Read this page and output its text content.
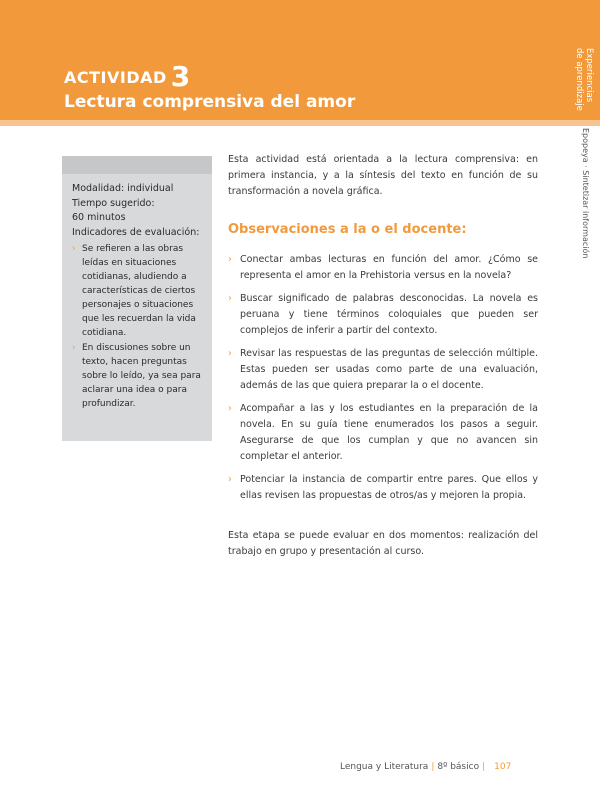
ACTIVIDAD 3
Lectura comprensiva del amor	Experiencias
de aprendizaje
Epopeya · Sintetizar información

Modalidad: individual

Tiempo sugerido:

60 minutos

Indicadores de evaluación:

› Se refieren a las obras leídas en situaciones cotidianas, aludiendo a características de ciertos personajes o situaciones que les recuerdan la vida cotidiana.
› En discusiones sobre un texto, hacen preguntas sobre lo leído, ya sea para aclarar una idea o para profundizar.

Esta actividad está orientada a la lectura comprensiva: en primera instancia, y a la síntesis del texto en función de su transformación a novela gráfica.

Observaciones a la o el docente:
› Conectar ambas lecturas en función del amor. ¿Cómo se representa el amor en la Prehistoria versus en la novela?
› Buscar significado de palabras desconocidas. La novela es peruana y tiene términos coloquiales que pueden ser complejos de inferir a partir del contexto.
› Revisar las respuestas de las preguntas de selección múltiple. Estas pueden ser usadas como parte de una evaluación, además de las que quiera preparar la o el docente.
› Acompañar a las y los estudiantes en la preparación de la novela. En su guía tiene enumerados los pasos a seguir. Asegurarse de que los cumplan y que no avancen sin completar el anterior.
› Potenciar la instancia de compartir entre pares. Que ellos y ellas revisen las propuestas de otros/as y mejoren la propia.

Esta etapa se puede evaluar en dos momentos: realización del trabajo en grupo y presentación al curso.

Lengua y Literatura | 8º básico | 107
